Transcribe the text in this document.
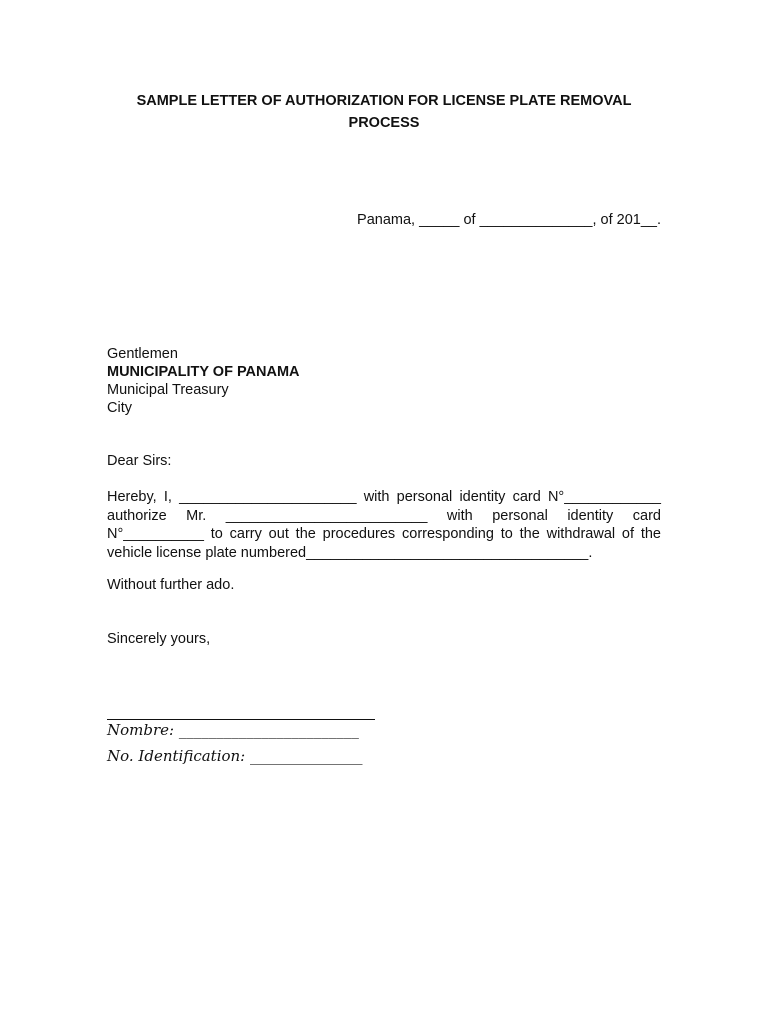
SAMPLE LETTER OF AUTHORIZATION FOR LICENSE PLATE REMOVAL PROCESS
Panama, _____ of ______________, of 201__.
Gentlemen
MUNICIPALITY OF PANAMA
Municipal Treasury
City
Dear Sirs:
Hereby, I, ______________________ with personal identity card N°____________ authorize Mr. _________________________ with personal identity card N°__________ to carry out the procedures corresponding to the withdrawal of the vehicle license plate numbered___________________________________.
Without further ado.
Sincerely yours,
Nombre: ________________________
No. Identification: _______________
